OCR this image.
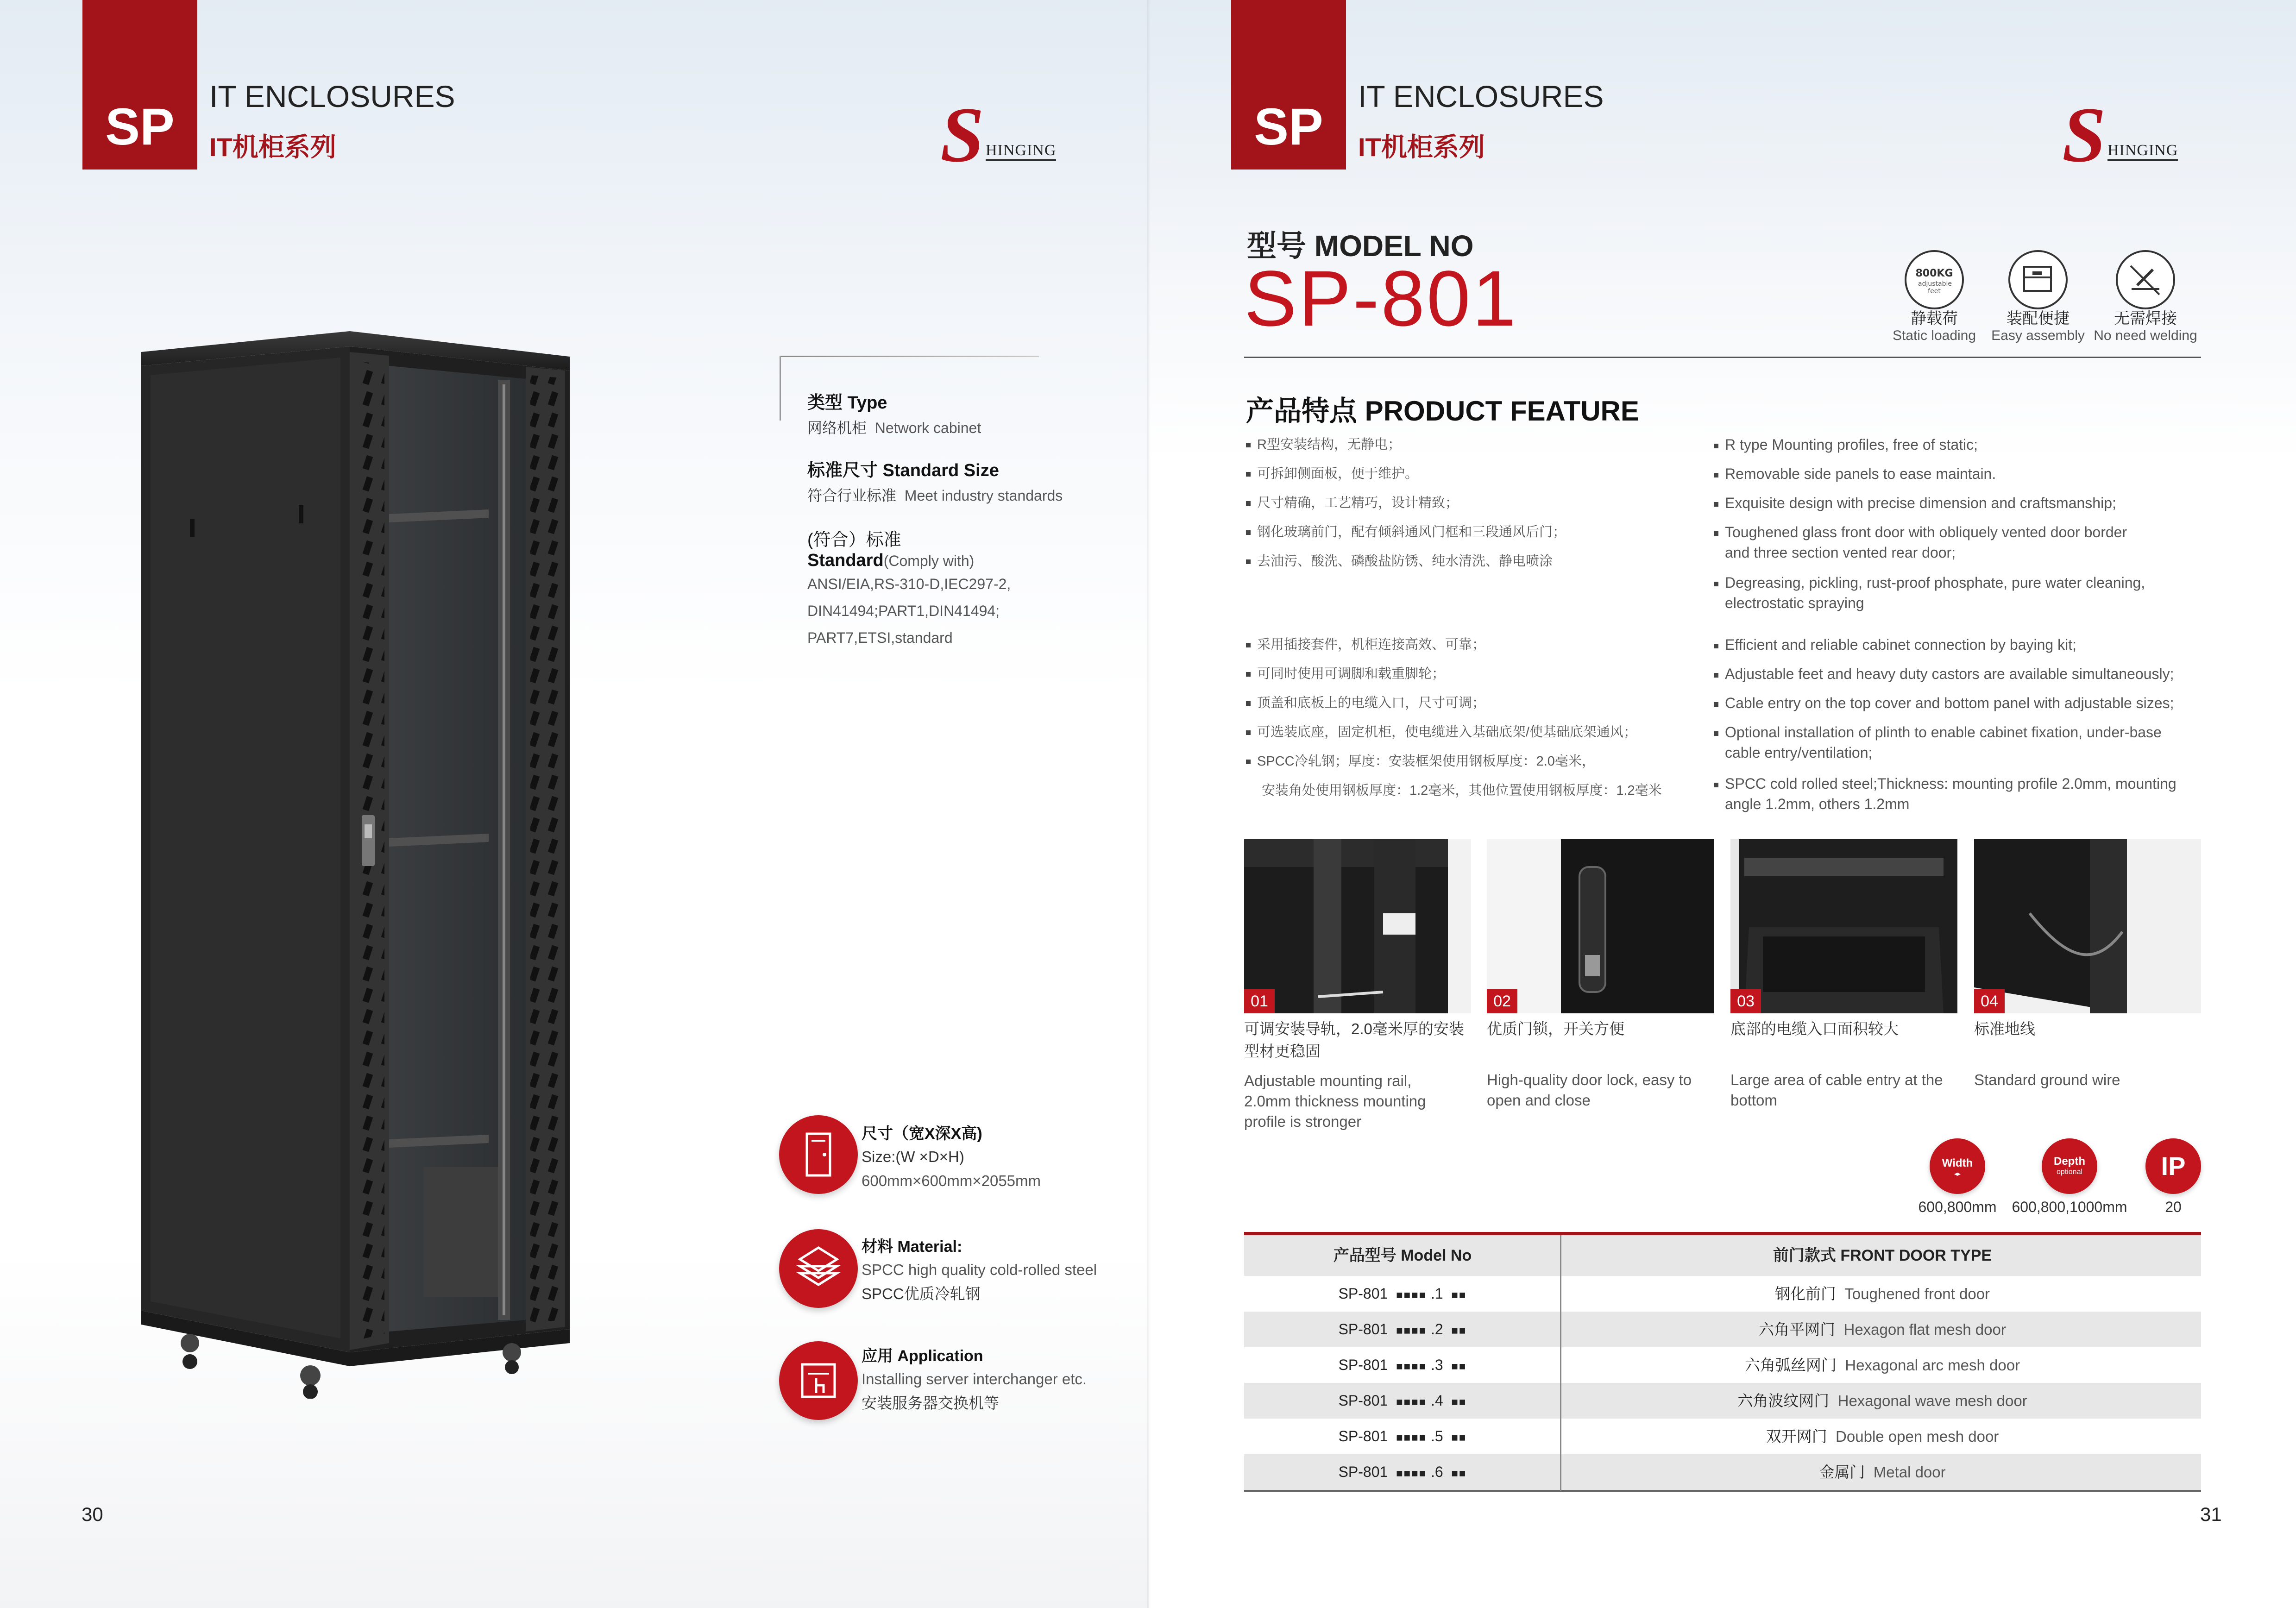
SP
IT ENCLOSURES
IT机柜系列	S HINGING
类型 Type
网络机柜 Network cabinet
标准尺寸 Standard Size
符合行业标准 Meet industry standards
(符合）标准
Standard(Comply with)
ANSI/EIA,RS-310-D,IEC297-2,
DIN41494;PART1,DIN41494;
PART7,ETSI,standard
尺寸（宽X深X高)
Size:(W ×D×H)
600mm×600mm×2055mm
材料 Material:
SPCC high quality cold-rolled steel
SPCC优质冷轧钢
应用 Application
Installing server interchanger etc.
安装服务器交换机等
30
SP
IT ENCLOSURES
IT机柜系列	S HINGING
型号 MODEL NO
SP-801	800KG
adjustable feet
静载荷
Static loading
装配便捷
Easy assembly
无需焊接
No need welding
产品特点 PRODUCT FEATURE
R型安装结构，无静电；
可拆卸侧面板，便于维护。
尺寸精确，工艺精巧，设计精致；
钢化玻璃前门，配有倾斜通风门框和三段通风后门；
去油污、酸洗、磷酸盐防锈、纯水清洗、静电喷涂
采用插接套件，机柜连接高效、可靠；
可同时使用可调脚和载重脚轮；
顶盖和底板上的电缆入口，尺寸可调；
可选装底座，固定机柜，使电缆进入基础底架/使基础底架通风；
SPCC冷轧钢；厚度：安装框架使用钢板厚度：2.0毫米，
安装角处使用钢板厚度：1.2毫米，其他位置使用钢板厚度：1.2毫米
R type Mounting profiles, free of static;
Removable side panels to ease maintain.
Exquisite design with precise dimension and craftsmanship;
Toughened glass front door with obliquely vented door border
and three section vented rear door;
Degreasing, pickling, rust-proof phosphate, pure water cleaning,
electrostatic spraying
Efficient and reliable cabinet connection by baying kit;
Adjustable feet and heavy duty castors are available simultaneously;
Cable entry on the top cover and bottom panel with adjustable sizes;
Optional installation of plinth to enable cabinet fixation, under-base
cable entry/ventilation;
SPCC cold rolled steel;Thickness: mounting profile 2.0mm, mounting
angle 1.2mm, others 1.2mm
01	02	03	04
可调安装导轨，2.0毫米厚的安装型材更稳固
Adjustable mounting rail, 2.0mm thickness mounting profile is stronger
优质门锁，开关方便
High-quality door lock, easy to open and close
底部的电缆入口面积较大
Large area of cable entry at the bottom
标准地线
Standard ground wire
Width
◂▸
Depth
optional	IP
600,800mm	600,800,1000mm	20
产品型号 Model No	前门款式 FRONT DOOR TYPE
SP-801 ■■■■ .1 ■■	钢化前门 Toughened front door
SP-801 ■■■■ .2 ■■	六角平网门 Hexagon flat mesh door
SP-801 ■■■■ .3 ■■	六角弧丝网门 Hexagonal arc mesh door
SP-801 ■■■■ .4 ■■	六角波纹网门 Hexagonal wave mesh door
SP-801 ■■■■ .5 ■■	双开网门 Double open mesh door
SP-801 ■■■■ .6 ■■	金属门 Metal door
31
